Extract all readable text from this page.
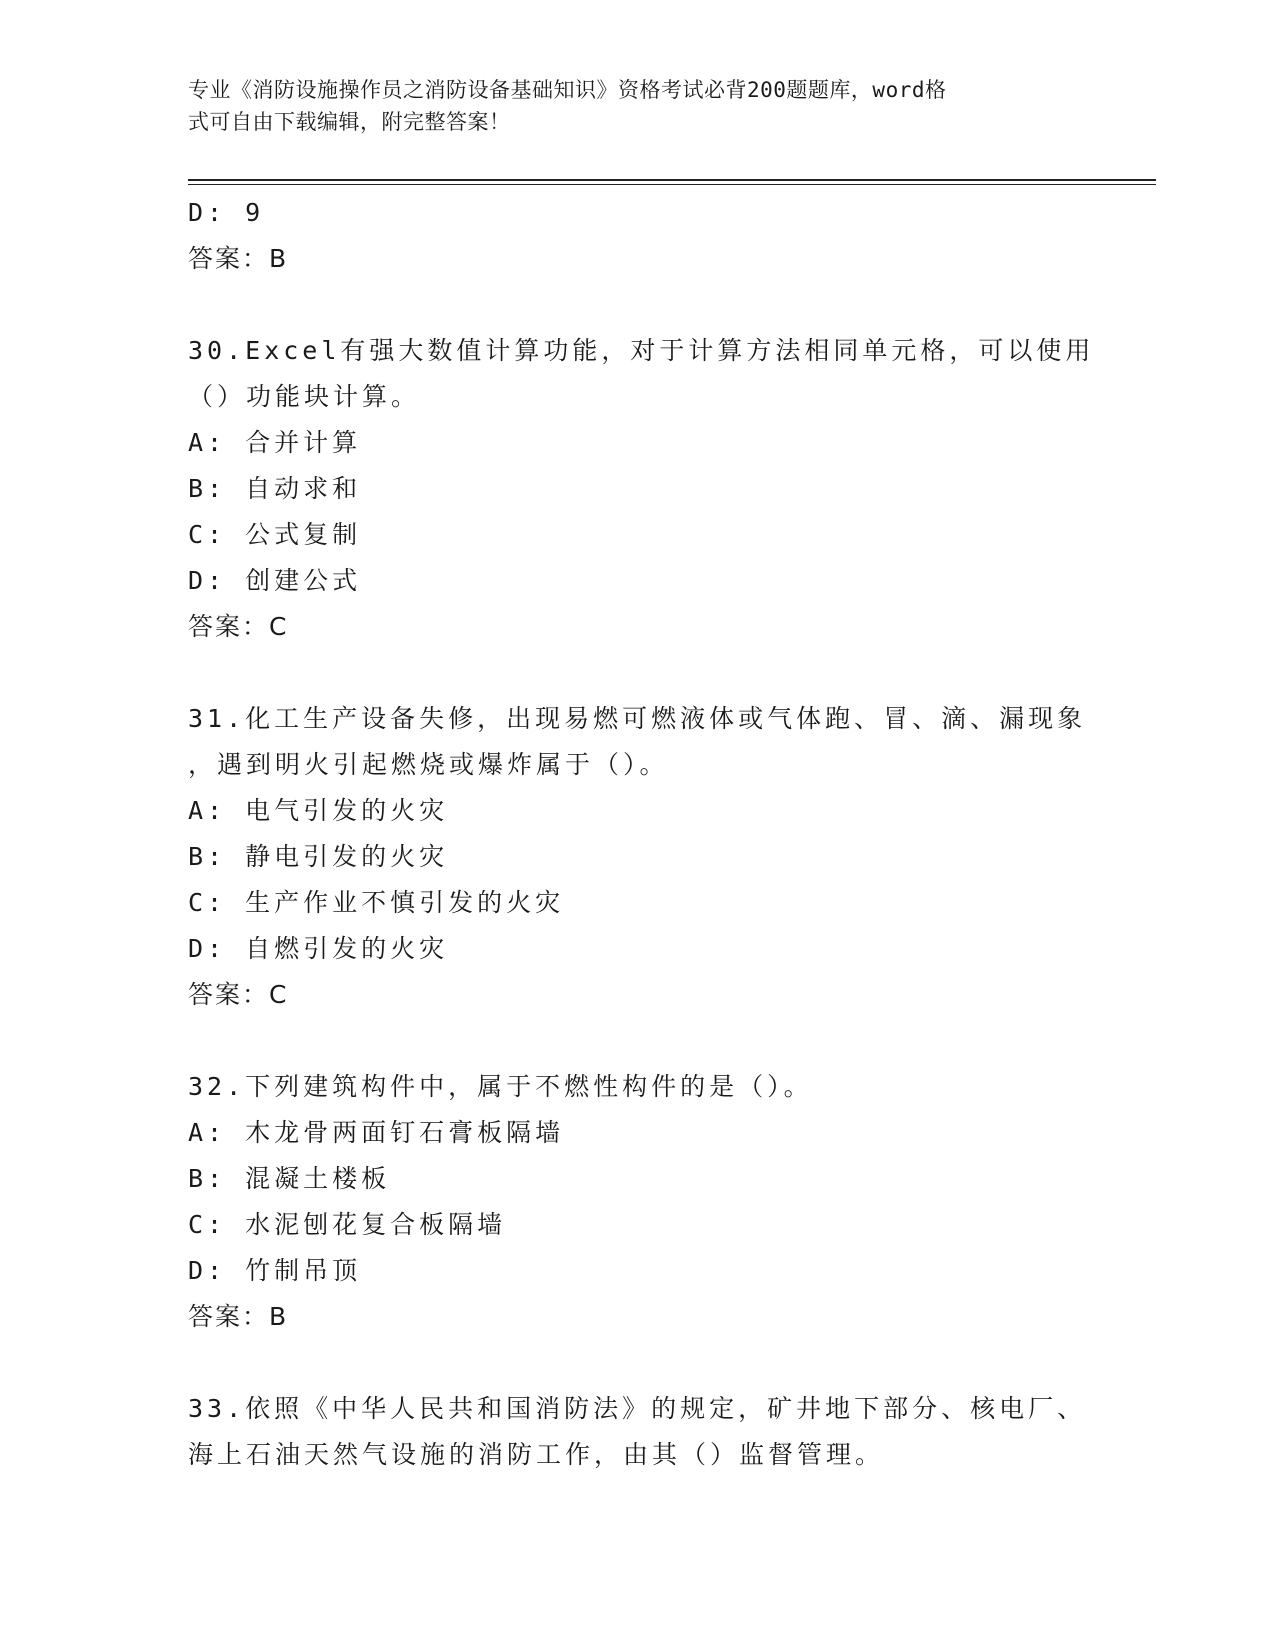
专业《消防设施操作员之消防设备基础知识》资格考试必背200题题库，word格
式可自由下载编辑，附完整答案！
D: 9
答案：B
30.Excel有强大数值计算功能，对于计算方法相同单元格，可以使用
（）功能块计算。
A: 合并计算
B: 自动求和
C: 公式复制
D: 创建公式
答案：C
31.化工生产设备失修，出现易燃可燃液体或气体跑、冒、滴、漏现象
，遇到明火引起燃烧或爆炸属于（）。
A: 电气引发的火灾
B: 静电引发的火灾
C: 生产作业不慎引发的火灾
D: 自燃引发的火灾
答案：C
32.下列建筑构件中，属于不燃性构件的是（）。
A: 木龙骨两面钉石膏板隔墙
B: 混凝土楼板
C: 水泥刨花复合板隔墙
D: 竹制吊顶
答案：B
33.依照《中华人民共和国消防法》的规定，矿井地下部分、核电厂、
海上石油天然气设施的消防工作，由其（）监督管理。
